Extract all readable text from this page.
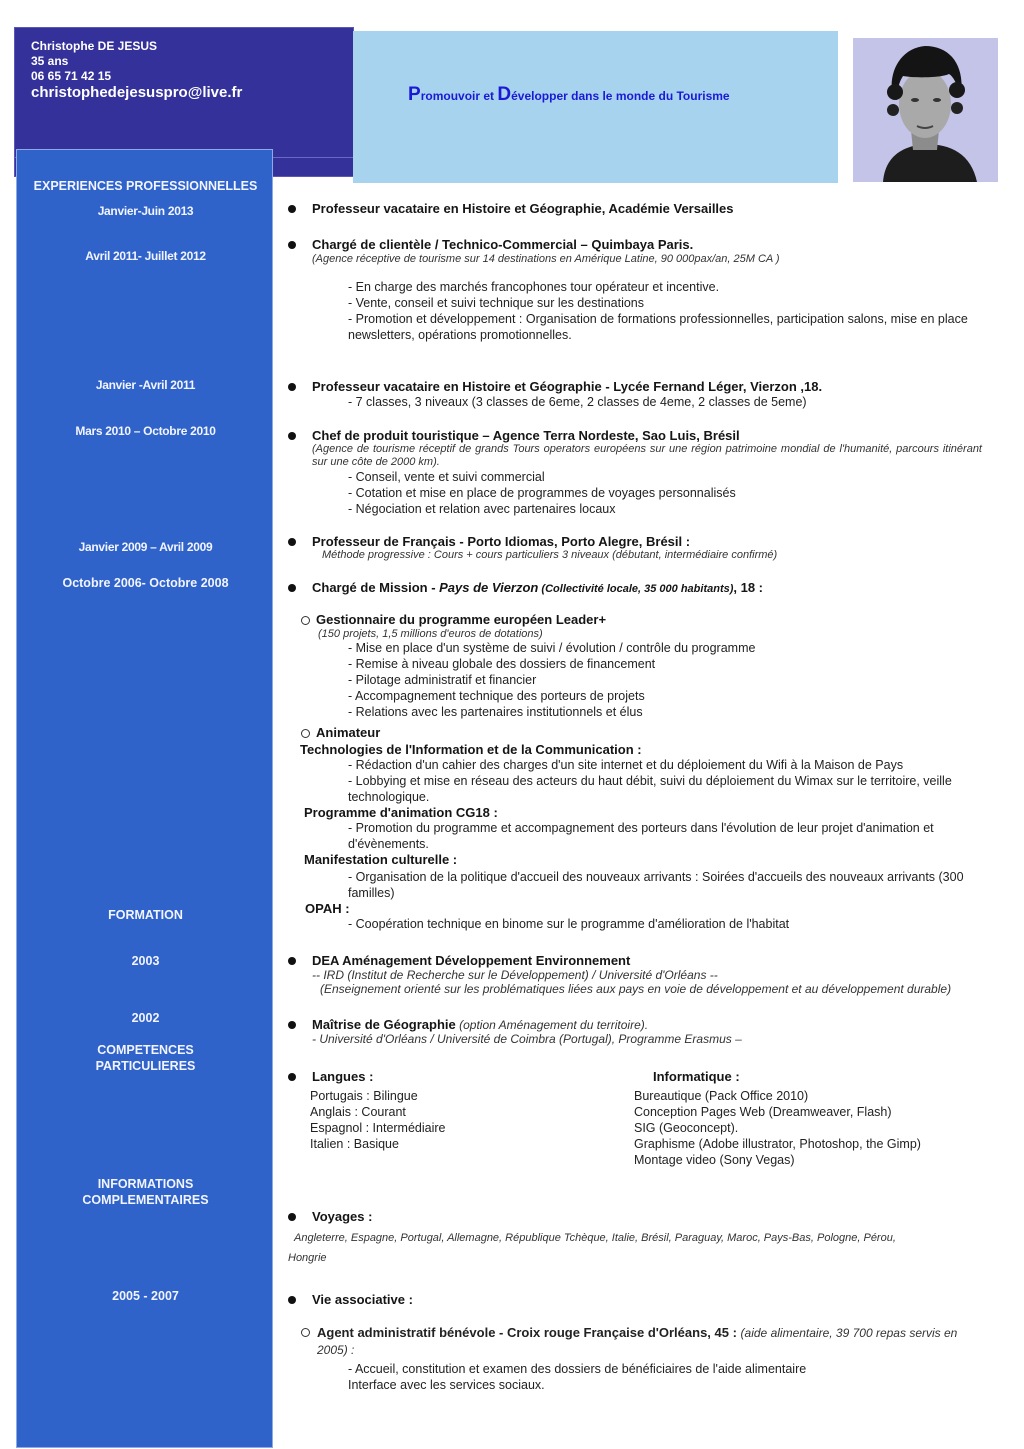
Christophe DE JESUS
35 ans
06 65 71 42 15
christophedejesuspro@live.fr	Promouvoir et Développer dans le monde du Tourisme
EXPERIENCES PROFESSIONNELLES
Janvier-Juin 2013
Avril 2011- Juillet 2012
Janvier -Avril 2011
Mars 2010 – Octobre 2010
Janvier 2009 – Avril 2009
Octobre 2006- Octobre 2008
FORMATION
2003
2002
COMPETENCES
PARTICULIERES
INFORMATIONS
COMPLEMENTAIRES
2005 - 2007
Professeur vacataire en Histoire et Géographie, Académie Versailles
Chargé de clientèle / Technico-Commercial – Quimbaya Paris.
(Agence réceptive de tourisme sur 14 destinations en Amérique Latine, 90 000pax/an, 25M CA )
- En charge des marchés francophones tour opérateur et incentive.
- Vente, conseil et suivi technique sur les destinations
- Promotion et développement : Organisation de formations professionnelles, participation salons, mise en place newsletters, opérations promotionnelles.
Professeur vacataire en Histoire et Géographie - Lycée Fernand Léger, Vierzon ,18.
- 7 classes, 3 niveaux (3 classes de 6eme, 2 classes de 4eme, 2 classes de 5eme)
Chef de produit touristique – Agence Terra Nordeste, Sao Luis, Brésil
(Agence de tourisme réceptif de grands Tours operators européens sur une région patrimoine mondial de l'humanité, parcours itinérant sur une côte de 2000 km).
- Conseil, vente et suivi commercial
- Cotation et mise en place de programmes de voyages personnalisés
- Négociation et relation avec partenaires locaux
Professeur de Français - Porto Idiomas, Porto Alegre, Brésil :
Méthode progressive : Cours + cours particuliers 3 niveaux (débutant, intermédiaire confirmé)
Chargé de Mission - Pays de Vierzon (Collectivité locale, 35 000 habitants), 18 :
Gestionnaire du programme européen Leader+
(150 projets, 1,5 millions d'euros de dotations)
- Mise en place d'un système de suivi / évolution / contrôle du programme
- Remise à niveau globale des dossiers de financement
- Pilotage administratif et financier
- Accompagnement technique des porteurs de projets
- Relations avec les partenaires institutionnels et élus
Animateur
Technologies de l'Information et de la Communication :
- Rédaction d'un cahier des charges d'un site internet et du déploiement du Wifi à la Maison de Pays
- Lobbying et mise en réseau des acteurs du haut débit, suivi du déploiement du Wimax sur le territoire, veille technologique.
Programme d'animation CG18 :
- Promotion du programme et accompagnement des porteurs dans l'évolution de leur projet d'animation et d'évènements.
Manifestation culturelle :
- Organisation de la politique d'accueil des nouveaux arrivants : Soirées d'accueils des nouveaux arrivants (300 familles)
OPAH :
- Coopération technique en binome sur le programme d'amélioration de l'habitat
DEA Aménagement Développement Environnement
-- IRD (Institut de Recherche sur le Développement) / Université d'Orléans --
(Enseignement orienté sur les problématiques liées aux pays en voie de développement et au développement durable)
Maîtrise de Géographie (option Aménagement du territoire).
- Université d'Orléans / Université de Coimbra (Portugal), Programme Erasmus –
Langues :	Informatique :
Portugais : Bilingue
Anglais : Courant
Espagnol : Intermédiaire
Italien : Basique
Bureautique (Pack Office 2010)
Conception Pages Web (Dreamweaver, Flash)
SIG (Geoconcept).
Graphisme (Adobe illustrator, Photoshop, the Gimp)
Montage video (Sony Vegas)
Voyages :
Angleterre, Espagne, Portugal, Allemagne, République Tchèque, Italie, Brésil, Paraguay, Maroc, Pays-Bas, Pologne, Pérou,
Hongrie
Vie associative :
Agent administratif bénévole - Croix rouge Française d'Orléans, 45 : (aide alimentaire, 39 700 repas servis en 2005) :
- Accueil, constitution et examen des dossiers de bénéficiaires de l'aide alimentaire
Interface avec les services sociaux.
